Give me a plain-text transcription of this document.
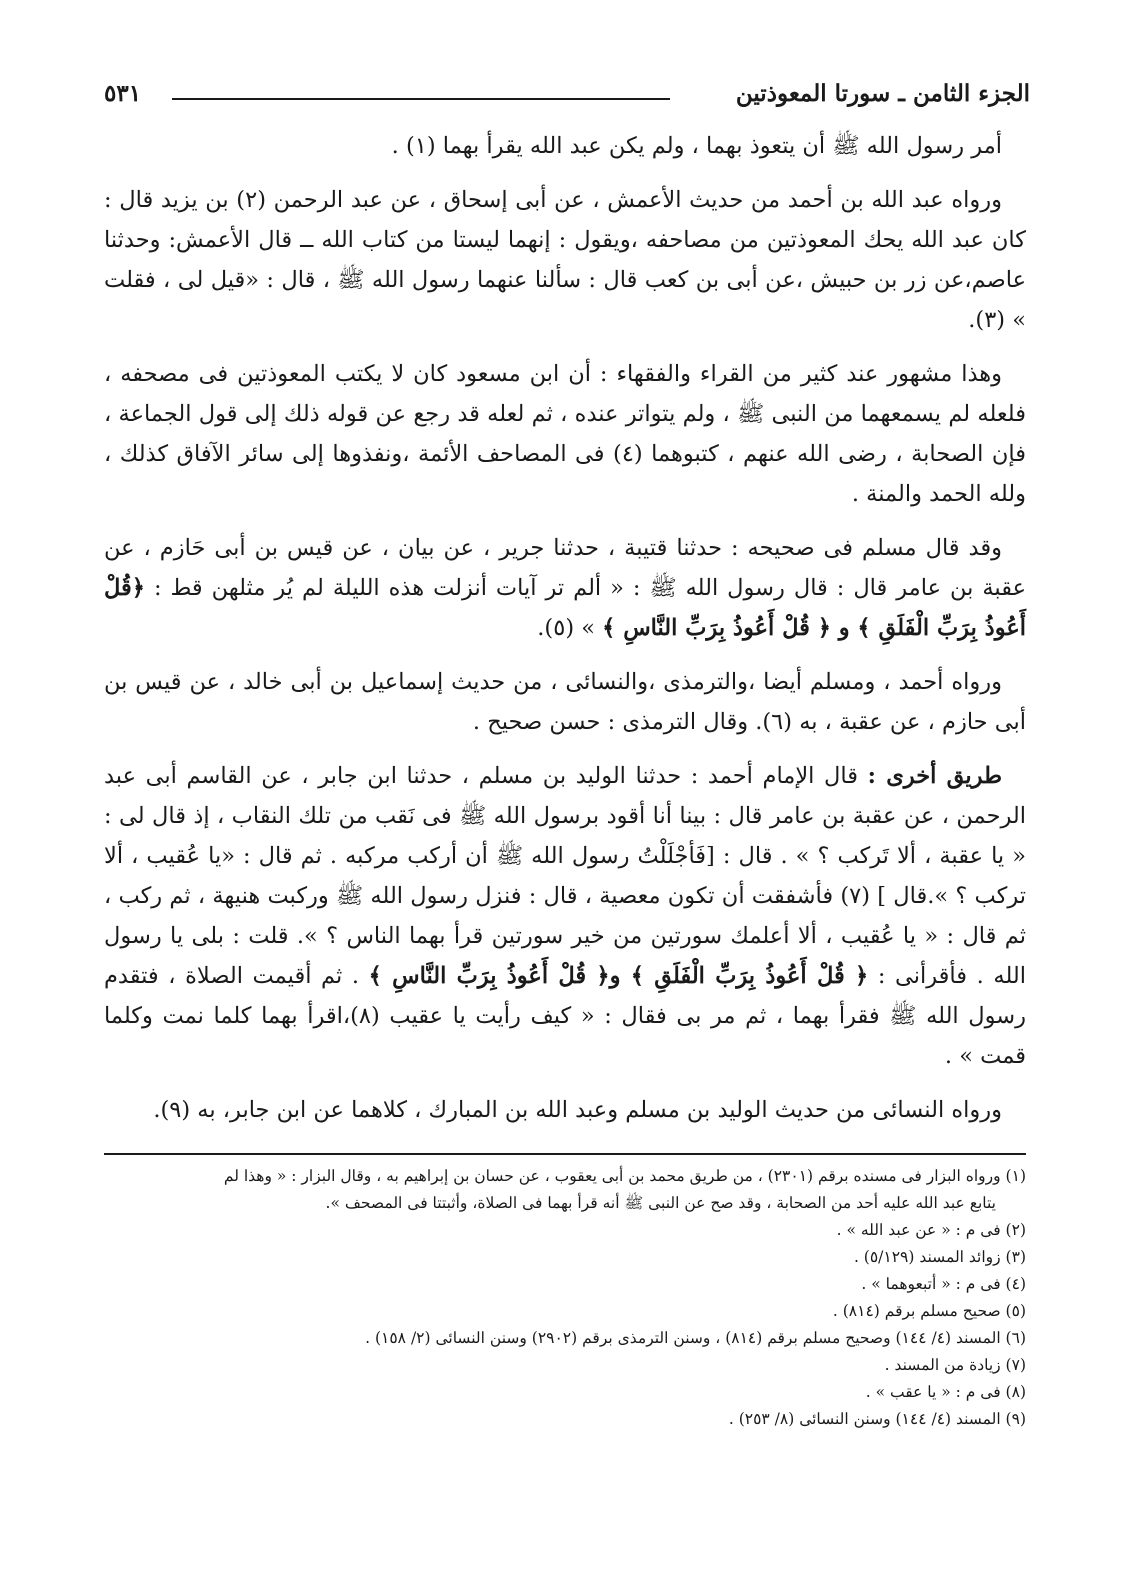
الجزء الثامن ـ سورتا المعوذتين
٥٣١

أمر رسول الله ﷺ أن يتعوذ بهما ، ولم يكن عبد الله يقرأ بهما (١) .

ورواه عبد الله بن أحمد من حديث الأعمش ، عن أبى إسحاق ، عن عبد الرحمن (٢) بن يزيد قال : كان عبد الله يحك المعوذتين من مصاحفه ،ويقول : إنهما ليستا من كتاب الله ــ قال الأعمش: وحدثنا عاصم،عن زر بن حبيش ،عن أبى بن كعب قال : سألنا عنهما رسول الله ﷺ ، قال : «قيل لى ، فقلت » (٣).

وهذا مشهور عند كثير من القراء والفقهاء : أن ابن مسعود كان لا يكتب المعوذتين فى مصحفه ، فلعله لم يسمعهما من النبى ﷺ ، ولم يتواتر عنده ، ثم لعله قد رجع عن قوله ذلك إلى قول الجماعة ، فإن الصحابة ، رضى الله عنهم ، كتبوهما (٤) فى المصاحف الأئمة ،ونفذوها إلى سائر الآفاق كذلك ، ولله الحمد والمنة .

وقد قال مسلم فى صحيحه : حدثنا قتيبة ، حدثنا جرير ، عن بيان ، عن قيس بن أبى حَازم ، عن عقبة بن عامر قال : قال رسول الله ﷺ : « ألم تر آيات أنزلت هذه الليلة لم يُر مثلهن قط : ﴿قُلْ أَعُوذُ بِرَبِّ الْفَلَقِ ﴾ و ﴿ قُلْ أَعُوذُ بِرَبِّ النَّاسِ ﴾ » (٥).

ورواه أحمد ، ومسلم أيضا ،والترمذى ،والنسائى ، من حديث إسماعيل بن أبى خالد ، عن قيس بن أبى حازم ، عن عقبة ، به (٦). وقال الترمذى : حسن صحيح .

طريق أخرى : قال الإمام أحمد : حدثنا الوليد بن مسلم ، حدثنا ابن جابر ، عن القاسم أبى عبد الرحمن ، عن عقبة بن عامر قال : بينا أنا أقود برسول الله ﷺ فى نَقب من تلك النقاب ، إذ قال لى : « يا عقبة ، ألا تَركب ؟ » . قال : [فَأجْلَلْتُ رسول الله ﷺ أن أركب مركبه . ثم قال : «يا عُقيب ، ألا تركب ؟ ».قال ] (٧) فأشفقت أن تكون معصية ، قال : فنزل رسول الله ﷺ وركبت هنيهة ، ثم ركب ، ثم قال : « يا عُقيب ، ألا أعلمك سورتين من خير سورتين قرأ بهما الناس ؟ ». قلت : بلى يا رسول الله . فأقرأنى : ﴿ قُلْ أَعُوذُ بِرَبِّ الْفَلَقِ ﴾ و﴿ قُلْ أَعُوذُ بِرَبِّ النَّاسِ ﴾ . ثم أقيمت الصلاة ، فتقدم رسول الله ﷺ فقرأ بهما ، ثم مر بى فقال : « كيف رأيت يا عقيب (٨)،اقرأ بهما كلما نمت وكلما قمت » .

ورواه النسائى من حديث الوليد بن مسلم وعبد الله بن المبارك ، كلاهما عن ابن جابر، به (٩).

(١) ورواه البزار فى مسنده برقم (٢٣٠١) ، من طريق محمد بن أبى يعقوب ، عن حسان بن إبراهيم به ، وقال البزار : « وهذا لم

يتابع عبد الله عليه أحد من الصحابة ، وقد صح عن النبى ﷺ أنه قرأ بهما فى الصلاة، وأثبتتا فى المصحف ».

(٢) فى م : « عن عبد الله » .

(٣) زوائد المسند (٥/١٢٩) .

(٤) فى م : « أتبعوهما » .

(٥) صحيح مسلم برقم (٨١٤) .

(٦) المسند (٤/ ١٤٤) وصحيح مسلم برقم (٨١٤) ، وسنن الترمذى برقم (٢٩٠٢) وسنن النسائى (٢/ ١٥٨) .

(٧) زيادة من المسند .

(٨) فى م : « يا عقب » .

(٩) المسند (٤/ ١٤٤) وسنن النسائى (٨/ ٢٥٣) .
